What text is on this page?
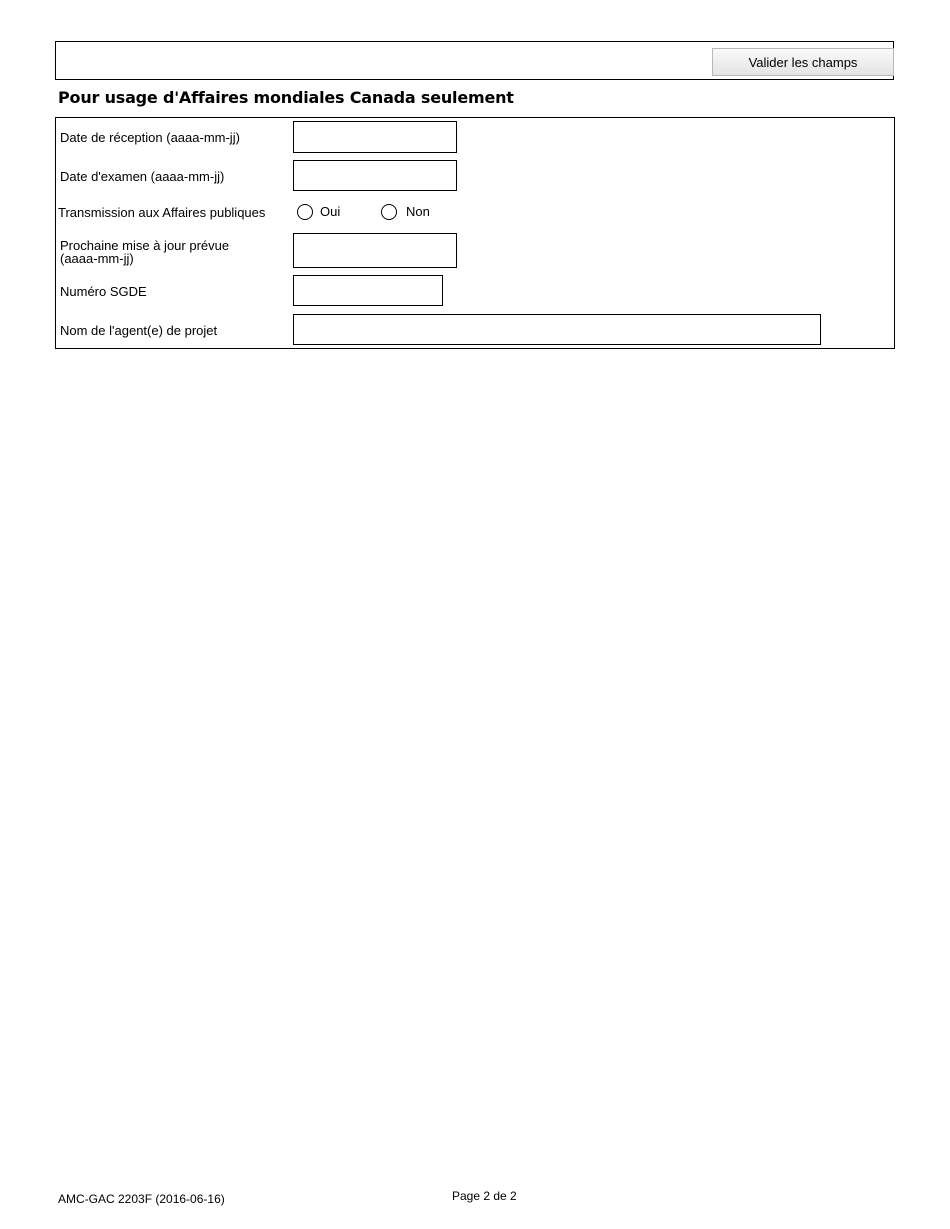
Valider les champs
Pour usage d'Affaires mondiales Canada seulement
Date de réception (aaaa-mm-jj)
Date d'examen (aaaa-mm-jj)
Transmission aux Affaires publiques	Oui	Non
Prochaine mise à jour prévue
(aaaa-mm-jj)
Numéro SGDE
Nom de l'agent(e) de projet
AMC-GAC 2203F (2016-06-16)	Page 2 de 2
